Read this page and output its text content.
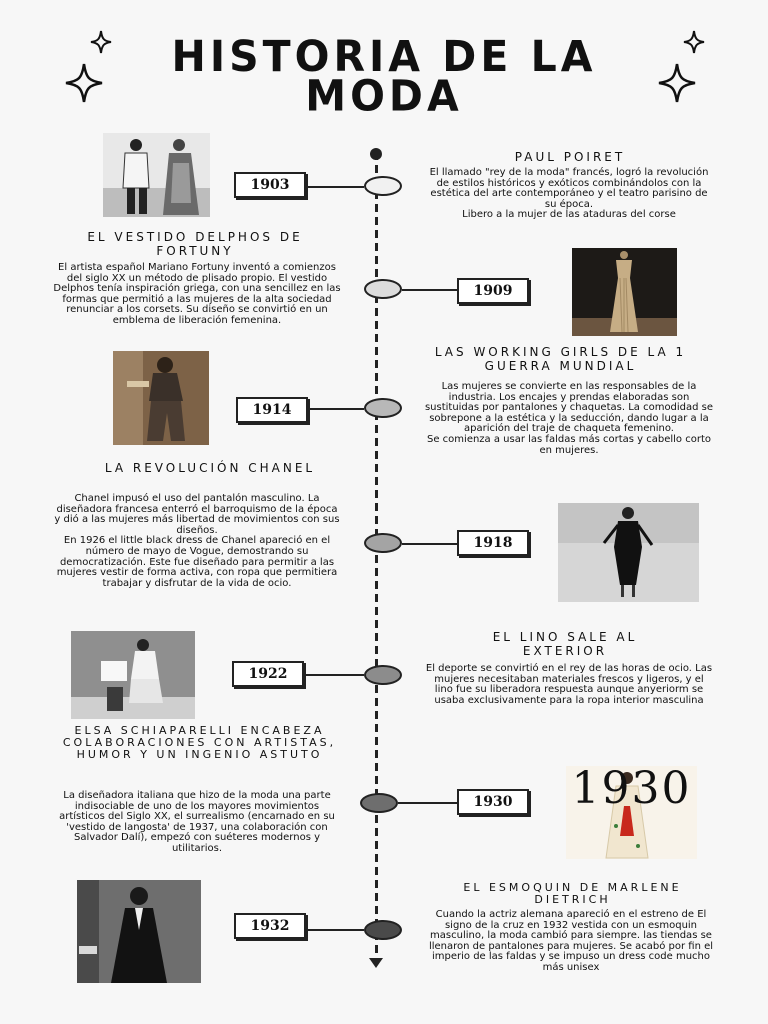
HISTORIA DE LA MODA
1903
1909
1914
1918
1922
1930
1932
PAUL POIRET
El llamado "rey de la moda" francés, logró la revolución de estilos históricos y exóticos combinándolos con la estética del arte contemporáneo y el teatro parisino de su época.
Libero a la mujer de las ataduras del corse
EL VESTIDO DELPHOS DE FORTUNY
El artista español Mariano Fortuny inventó a comienzos del siglo XX un método de plisado propio. El vestido Delphos tenía inspiración griega, con una sencillez en las formas que permitió a las mujeres de la alta sociedad renunciar a los corsets. Su diseño se convirtió en un emblema de liberación femenina.
LAS WORKING GIRLS DE LA 1 GUERRA MUNDIAL
Las mujeres se convierte en las responsables de la industria. Los encajes y prendas elaboradas son sustituidas por pantalones y chaquetas. La comodidad se sobrepone a la estética y la seducción, dando lugar a la aparición del traje de chaqueta femenino.
Se comienza a usar las faldas más cortas y cabello corto en mujeres.
LA REVOLUCIÓN CHANEL
Chanel impusó el uso del pantalón masculino. La diseñadora francesa enterró el barroquismo de la época y dió a las mujeres más libertad de movimientos con sus diseños.
En 1926 el little black dress de Chanel apareció en el número de mayo de Vogue, demostrando su democratización. Este fue diseñado para permitir a las mujeres vestir de forma activa, con ropa que permitiera trabajar y disfrutar de la vida de ocio.
EL LINO SALE AL EXTERIOR
El deporte se convirtió en el rey de las horas de ocio. Las mujeres necesitaban materiales frescos y ligeros, y el lino fue su liberadora respuesta aunque anyeriorm se usaba exclusivamente para la ropa interior masculina
ELSA SCHIAPARELLI ENCABEZA COLABORACIONES CON ARTISTAS, HUMOR Y UN INGENIO ASTUTO
La diseñadora italiana que hizo de la moda una parte indisociable de uno de los mayores movimientos artísticos del Siglo XX, el surrealismo (encarnado en su 'vestido de langosta' de 1937, una colaboración con Salvador Dalí), empezó con suéteres modernos y utilitarios.
EL ESMOQUIN DE MARLENE DIETRICH
Cuando la actriz alemana apareció en el estreno de El signo de la cruz en 1932 vestida con un esmoquin masculino, la moda cambió para siempre. las tiendas se llenaron de pantalones para mujeres. Se acabó por fin el imperio de las faldas y se impuso un dress code mucho más unisex
1930
